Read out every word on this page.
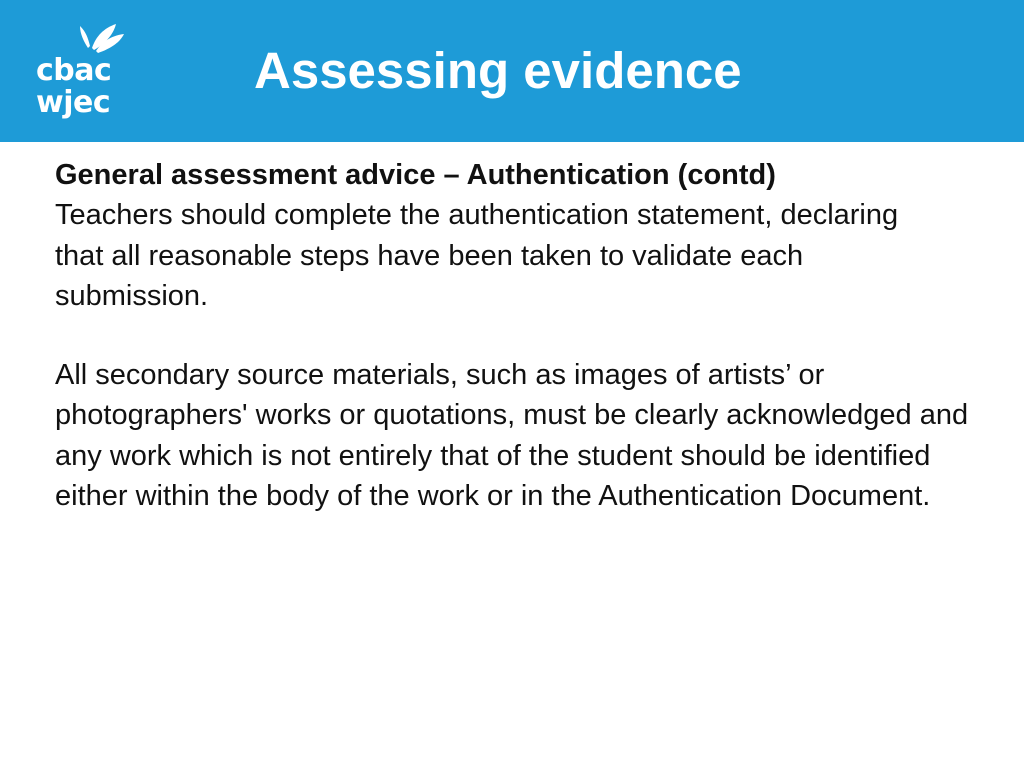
cbac
wjec
Assessing evidence

General assessment advice – Authentication (contd)

Teachers should complete the authentication statement, declaring that all reasonable steps have been taken to validate each submission.

All secondary source materials, such as images of artists’ or photographers' works or quotations, must be clearly acknowledged and any work which is not entirely that of the student should be identified either within the body of the work or in the Authentication Document.
